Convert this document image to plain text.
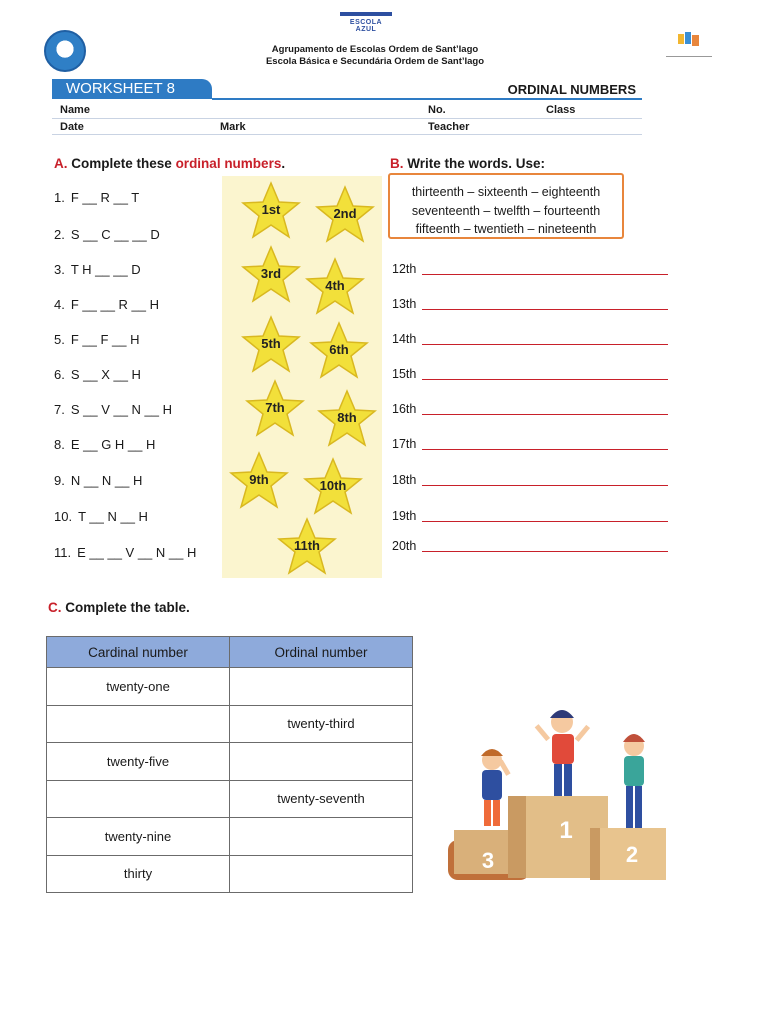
ESCOLA AZUL
Agrupamento de Escolas Ordem de Sant’Iago
Escola Básica e Secundária Ordem de Sant’Iago
WORKSHEET 8	ORDINAL NUMBERS
Name	No.	Class
Date	Mark	Teacher
A. Complete these ordinal numbers.
1. F __ R __ T
2. S __ C __ __ D
3. T H __ __ D
4. F __ __ R __ H
5. F __ F __ H
6. S __ X __ H
7. S __ V __ N __ H
8. E __ G H __ H
9. N __ N __ H
10. T __ N __ H
11. E __ __ V __ N __ H
1st	2nd
3rd
4th
5th	6th
7th
8th
9th	10th
11th
B. Write the words. Use:
thirteenth – sixteenth – eighteenth
seventeenth – twelfth – fourteenth
fifteenth – twentieth – nineteenth
12th
13th
14th
15th
16th
17th
18th
19th
20th
C. Complete the table.
Cardinal number	Ordinal number
twenty-one	
	twenty-third
twenty-five	
	twenty-seventh
twenty-nine	
thirty	
3
1
2
